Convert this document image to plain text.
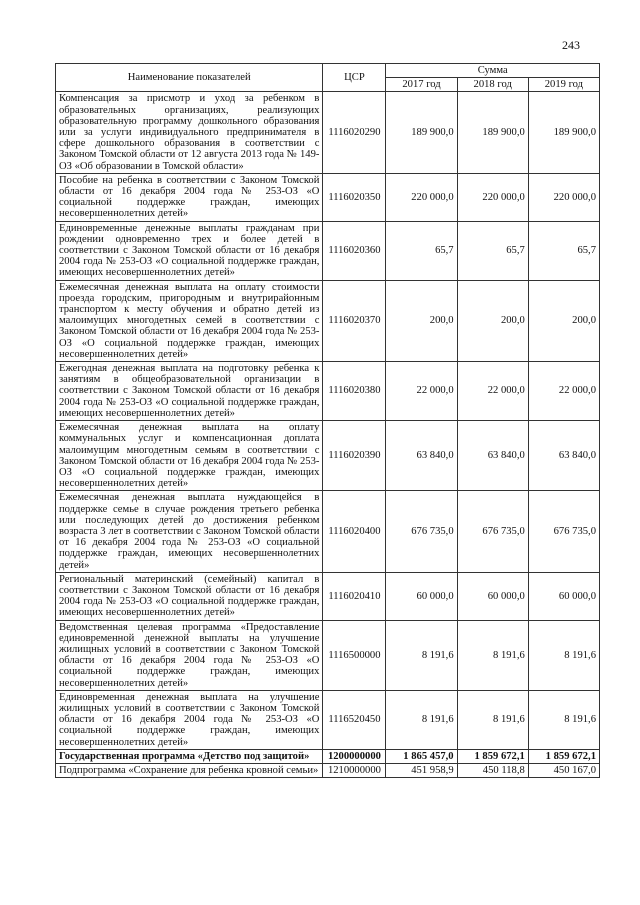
243
Наименование показателей	ЦСР	Сумма		
		2017 год	2018 год	2019 год
Компенсация за присмотр и уход за ребенком в образовательных организациях, реализующих образовательную программу дошкольного образования или за услуги индивидуального предпринимателя в сфере дошкольного образования в соответствии с Законом Томской области от 12 августа 2013 года № 149-ОЗ «Об образовании в Томской области»	1116020290	189 900,0	189 900,0	189 900,0
Пособие на ребенка в соответствии с Законом Томской области от 16 декабря 2004 года № 253-ОЗ «О социальной поддержке граждан, имеющих несовершеннолетних детей»	1116020350	220 000,0	220 000,0	220 000,0
Единовременные денежные выплаты гражданам при рождении одновременно трех и более детей в соответствии с Законом Томской области от 16 декабря 2004 года № 253-ОЗ «О социальной поддержке граждан, имеющих несовершеннолетних детей»	1116020360	65,7	65,7	65,7
Ежемесячная денежная выплата на оплату стоимости проезда городским, пригородным и внутрирайонным транспортом к месту обучения и обратно детей из малоимущих многодетных семей в соответствии с Законом Томской области от 16 декабря 2004 года № 253-ОЗ «О социальной поддержке граждан, имеющих несовершеннолетних детей»	1116020370	200,0	200,0	200,0
Ежегодная денежная выплата на подготовку ребенка к занятиям в общеобразовательной организации в соответствии с Законом Томской области от 16 декабря 2004 года № 253-ОЗ «О социальной поддержке граждан, имеющих несовершеннолетних детей»	1116020380	22 000,0	22 000,0	22 000,0
Ежемесячная денежная выплата на оплату коммунальных услуг и компенсационная доплата малоимущим многодетным семьям в соответствии с Законом Томской области от 16 декабря 2004 года № 253-ОЗ «О социальной поддержке граждан, имеющих несовершеннолетних детей»	1116020390	63 840,0	63 840,0	63 840,0
Ежемесячная денежная выплата нуждающейся в поддержке семье в случае рождения третьего ребенка или последующих детей до достижения ребенком возраста 3 лет в соответствии с Законом Томской области от 16 декабря 2004 года № 253-ОЗ «О социальной поддержке граждан, имеющих несовершеннолетних детей»	1116020400	676 735,0	676 735,0	676 735,0
Региональный материнский (семейный) капитал в соответствии с Законом Томской области от 16 декабря 2004 года № 253-ОЗ «О социальной поддержке граждан, имеющих несовершеннолетних детей»	1116020410	60 000,0	60 000,0	60 000,0
Ведомственная целевая программа «Предоставление единовременной денежной выплаты на улучшение жилищных условий в соответствии с Законом Томской области от 16 декабря 2004 года № 253-ОЗ «О социальной поддержке граждан, имеющих несовершеннолетних детей»	1116500000	8 191,6	8 191,6	8 191,6
Единовременная денежная выплата на улучшение жилищных условий в соответствии с Законом Томской области от 16 декабря 2004 года № 253-ОЗ «О социальной поддержке граждан, имеющих несовершеннолетних детей»	1116520450	8 191,6	8 191,6	8 191,6
Государственная программа «Детство под защитой»	1200000000	1 865 457,0	1 859 672,1	1 859 672,1
Подпрограмма «Сохранение для ребенка кровной семьи»	1210000000	451 958,9	450 118,8	450 167,0
